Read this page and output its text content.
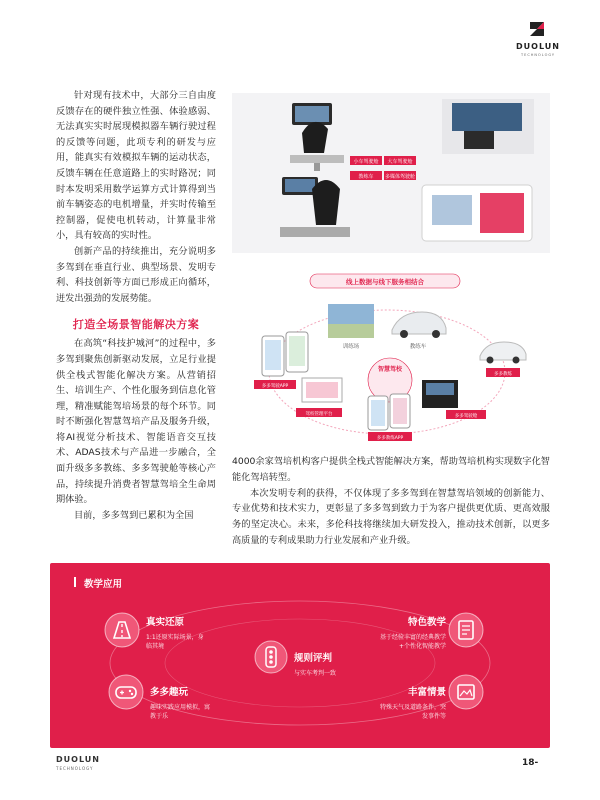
DUOLUN
TECHNOLOGY

针对现有技术中，大部分三自由度反馈存在的硬件独立性强、体验感弱、无法真实实时展现模拟器车辆行驶过程的反馈等问题，此项专利的研发与应用，能真实有效模拟车辆的运动状态，反馈车辆在任意道路上的实时路况；同时本发明采用数学运算方式计算得到当前车辆姿态的电机增量，并实时传输至控制器，促使电机转动，计算量非常小，具有较高的实时性。

创新产品的持续推出，充分说明多多驾到在垂直行业、典型场景、发明专利、科技创新等方面已形成正向循环，迸发出强劲的发展势能。

打造全场景智能解决方案

在高筑“科技护城河”的过程中，多多驾到聚焦创新驱动发展，立足行业提供全栈式智能化解决方案。从营销招生、培训生产、个性化服务到信息化管理，精准赋能驾培场景的每个环节。同时不断强化智慧驾培产品及服务升级，将AI视觉分析技术、智能语音交互技术、ADAS技术与产品进一步融合，全面升级多多教练、多多驾驶舱等核心产品，持续提升消费者智慧驾培全生命周期体验。

目前，多多驾到已累积为全国

小车驾驶舱 大车驾驶舱
教练车 多媒体驾驶舱
线上数据与线下服务相结合
训练场	教练车
智慧驾校
多多驾驶APP
驾校管理平台
多多教练APP
多多驾驶舱
多多教练

4000余家驾培机构客户提供全栈式智能解决方案，帮助驾培机构实现数字化智能化驾培转型。

本次发明专利的获得，不仅体现了多多驾到在智慧驾培领域的创新能力、专业优势和技术实力，更彰显了多多驾到致力于为客户提供更优质、更高效服务的坚定决心。未来，多伦科技将继续加大研发投入，推动技术创新，以更多高质量的专利成果助力行业发展和产业升级。

教学应用
真实还原
1:1还原实际场景，身临其境
多多趣玩
趣味实践应用模拟，寓教于乐
规则评判
与实车考判一致
特色教学
基于经验丰富的经典教学+个性化智能教学
丰富情景
特殊天气及道路条件，突发事件等
DUOLUN
TECHNOLOGY
18-
